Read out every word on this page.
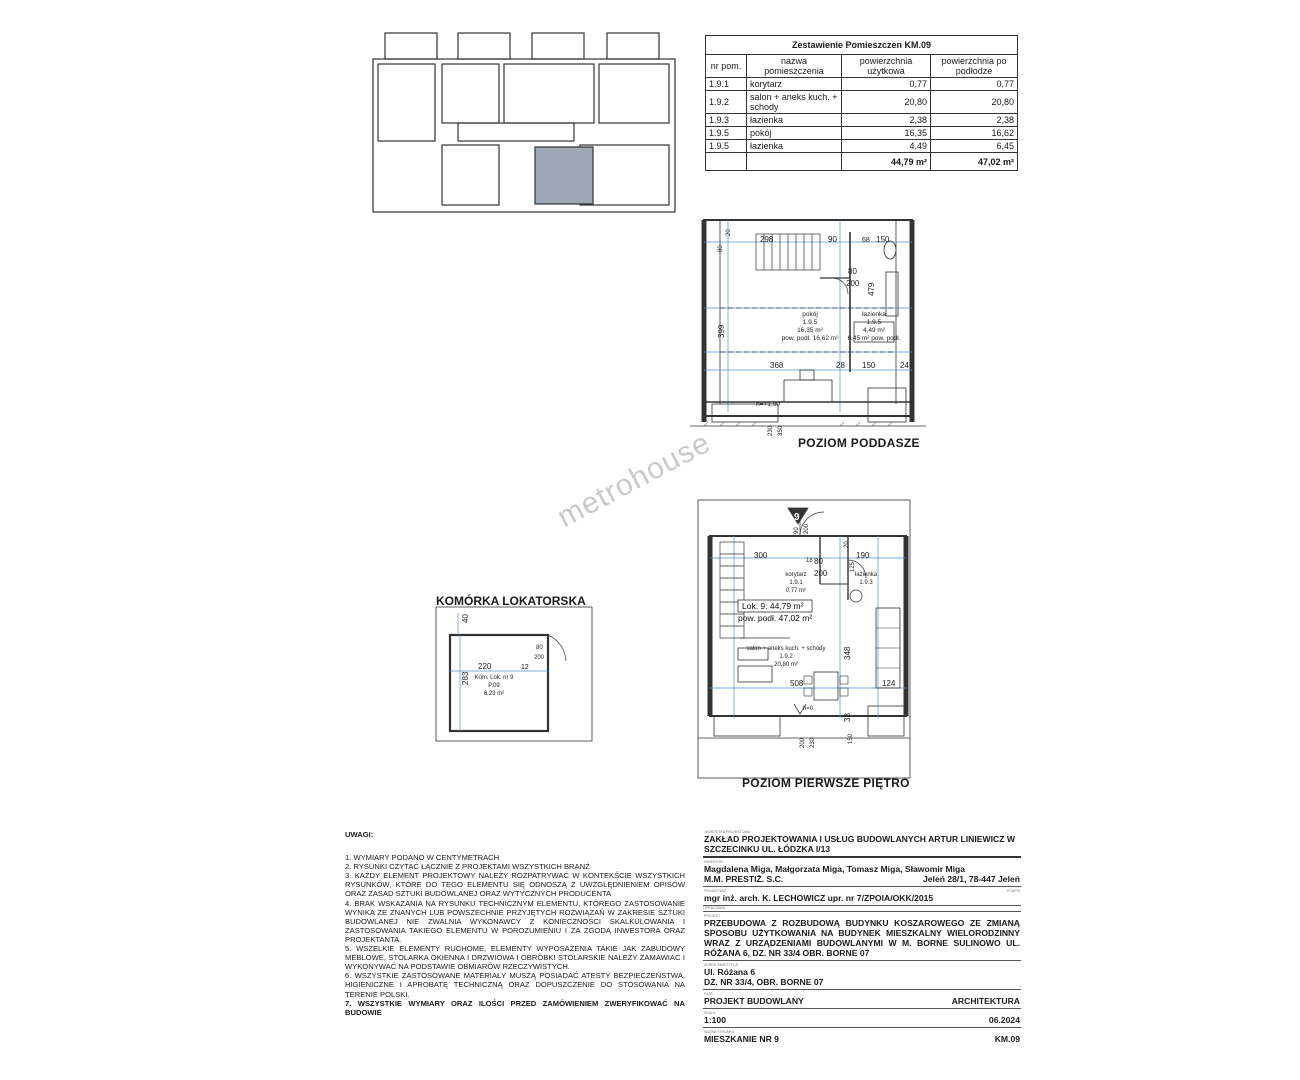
Zestawienie Pomieszczen KM.09			
nr pom.	nazwa pomieszczenia	powierzchnia użytkowa	powierzchnia po podłodze
1.9.1	korytarz	0,77	0,77
1.9.2	salon + aneks kuch. + schody	20,80	20,80
1.9.3	łazienka	2,38	2,38
1.9.5	pokój	16,35	16,62
1.9.5	łazienka	4,49	6,45
		44,79 m²	47,02 m²
298	90	150
80
200 479
399
368	28 150	24
230 350
80
68
20
pokój
1.9.5
16,35 m²
pow. podł. 16,62 m²
łazienka
1.9.5
4,49 m²
6,45 m² pow. podł.
h=+1,90
POZIOM PODDASZE
metrohouse
KOMÓRKA LOKATORSKA
40
220
283
80
200
12
Kom. Lok. nr 9
P.09
6,23 m²
9
Lok. 9: 44,79 m²
pow. podł. 47,02 m²
300	190
80
200
90 200
508
348
124
38
200 230	150
125
18
20
korytarz
1.9.1
0,77 m²
łazienka
1.9.3
salon + aneks kuch. + schody
1.9.2
20,80 m²
h=0
POZIOM PIERWSZE PIĘTRO
UWAGI:

1. WYMIARY PODANO W CENTYMETRACH

2. RYSUNKI CZYTAĆ ŁĄCZNIE Z PROJEKTAMI WSZYSTKICH BRANŻ

3. KAŻDY ELEMENT PROJEKTOWY NALEŻY ROZPATRYWAĆ W KONTEKŚCIE WSZYSTKICH RYSUNKÓW, KTÓRE DO TEGO ELEMENTU SIĘ ODNOSZĄ Z UWZGLĘDNIENIEM OPISÓW ORAZ ZASAD SZTUKI BUDOWLANEJ ORAZ WYTYCZNYCH PRODUCENTA

4. BRAK WSKAZANIA NA RYSUNKU TECHNICZNYM ELEMENTU, KTÓREGO ZASTOSOWANIE WYNIKA ZE ZNANYCH LUB POWSZECHNIE PRZYJĘTYCH ROZWIĄZAŃ W ZAKRESIE SZTUKI BUDOWLANEJ NIE ZWALNIA WYKONAWCY Z KONIECZNOŚCI SKALKULOWANIA I ZASTOSOWANIA TAKIEGO ELEMENTU W POROZUMIENIU I ZA ZGODĄ INWESTORA ORAZ PROJEKTANTA.

5. WSZELKIE ELEMENTY RUCHOME, ELEMENTY WYPOSAŻENIA TAKIE JAK ZABUDOWY MEBLOWE, STOLARKA OKIENNA I DRZWIOWA I OBRÓBKI STOLARSKIE NALEŻY ZAMAWIAĆ I WYKONYWAĆ NA PODSTAWIE OBMIARÓW RZECZYWISTYCH.

6. WSZYSTKIE ZASTOSOWANE MATERIAŁY MUSZĄ POSIADAĆ ATESTY BEZPIECZEŃSTWA, HIGIENICZNE I APROBATĘ TECHNICZNĄ ORAZ DOPUSZCZENIE DO STOSOWANIA NA TERENIE POLSKI.

7. WSZYSTKIE WYMIARY ORAZ ILOŚCI PRZED ZAMÓWIENIEM ZWERYFIKOWAĆ NA BUDOWIE

JEDNOSTKA PROJEKTOWA
ZAKŁAD PROJEKTOWANIA I USŁUG BUDOWLANYCH ARTUR LINIEWICZ W SZCZECINKU UL. ŁÓDZKA I/13
INWESTOR
Magdalena Miga, Małgorzata Miga, Tomasz Miga, Sławomir Miga
M.M. PRESTIŻ. S.C.	Jeleń 28/1, 78-447 Jeleń
PROJEKTANT	PODPIS
mgr inż. arch. K. LECHOWICZ upr. nr 7/ZPOIA/OKK/2015
OPRACOWAŁ
PROJEKT
PRZEBUDOWA Z ROZBUDOWĄ BUDYNKU KOSZAROWEGO ZE ZMIANĄ SPOSOBU UŻYTKOWANIA NA BUDYNEK MIESZKALNY WIELORODZINNY WRAZ Z URZĄDZENIAMI BUDOWLANYMI W M. BORNE SULINOWO UL. RÓŻANA 6, DZ. NR 33/4 OBR. BORNE 07
ADRES INWESTYCJI
Ul. Różana 6
DZ. NR 33/4, OBR. BORNE 07
FAZA
PROJEKT BUDOWLANY	ARCHITEKTURA
SKALA
1:100	06.2024
NAZWA RYSUNKU
MIESZKANIE NR 9	KM.09
